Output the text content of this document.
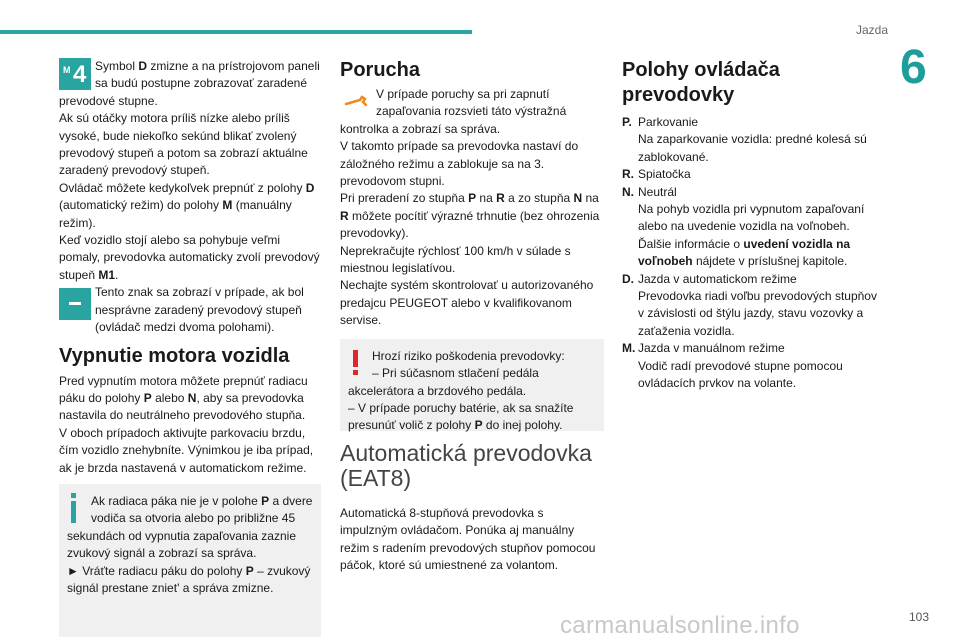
Jazda
6
M 4 Symbol D zmizne a na prístrojovom paneli sa budú postupne zobrazovať zaradené prevodové stupne.

Ak sú otáčky motora príliš nízke alebo príliš vysoké, bude niekoľko sekúnd blikať zvolený prevodový stupeň a potom sa zobrazí aktuálne zaradený prevodový stupeň.

Ovládač môžete kedykoľvek prepnúť z polohy D (automatický režim) do polohy M (manuálny režim).

Keď vozidlo stojí alebo sa pohybuje veľmi pomaly, prevodovka automaticky zvolí prevodový stupeň M1.

Tento znak sa zobrazí v prípade, ak bol nesprávne zaradený prevodový stupeň (ovládač medzi dvoma polohami).

Vypnutie motora vozidla

Pred vypnutím motora môžete prepnúť radiacu páku do polohy P alebo N, aby sa prevodovka nastavila do neutrálneho prevodového stupňa.

V oboch prípadoch aktivujte parkovaciu brzdu, čím vozidlo znehybníte. Výnimkou je iba prípad, ak je brzda nastavená v automatickom režime.

Ak radiaca páka nie je v polohe P a dvere vodiča sa otvoria alebo po približne 45 sekundách od vypnutia zapaľovania zaznie zvukový signál a zobrazí sa správa.

► Vráťte radiacu páku do polohy P – zvukový signál prestane zniet' a správa zmizne.

Porucha

V prípade poruchy sa pri zapnutí zapaľovania rozsvieti táto výstražná kontrolka a zobrazí sa správa.

V takomto prípade sa prevodovka nastaví do záložného režimu a zablokuje sa na 3. prevodovom stupni.

Pri preradení zo stupňa P na R a zo stupňa N na R môžete pocítiť výrazné trhnutie (bez ohrozenia prevodovky).

Neprekračujte rýchlosť 100 km/h v súlade s miestnou legislatívou.

Nechajte systém skontrolovať u autorizovaného predajcu PEUGEOT alebo v kvalifikovanom servise.

Hrozí riziko poškodenia prevodovky:

– Pri súčasnom stlačení pedála akcelerátora a brzdového pedála.

– V prípade poruchy batérie, ak sa snažíte presunúť volič z polohy P do inej polohy.

Automatická prevodovka (EAT8)

Automatická 8-stupňová prevodovka s impulzným ovládačom. Ponúka aj manuálny režim s radením prevodových stupňov pomocou páčok, ktoré sú umiestnené za volantom.

Polohy ovládača prevodovky
P. Parkovanie

Na zaparkovanie vozidla: predné kolesá sú zablokované.

R. Spiatočka

N. Neutrál

Na pohyb vozidla pri vypnutom zapaľovaní alebo na uvedenie vozidla na voľnobeh.

Ďalšie informácie o uvedení vozidla na voľnobeh nájdete v príslušnej kapitole.

D. Jazda v automatickom režime

Prevodovka riadi voľbu prevodových stupňov v závislosti od štýlu jazdy, stavu vozovky a zaťaženia vozidla.

M. Jazda v manuálnom režime

Vodič radí prevodové stupne pomocou ovládacích prvkov na volante.

carmanualsonline.info	103
